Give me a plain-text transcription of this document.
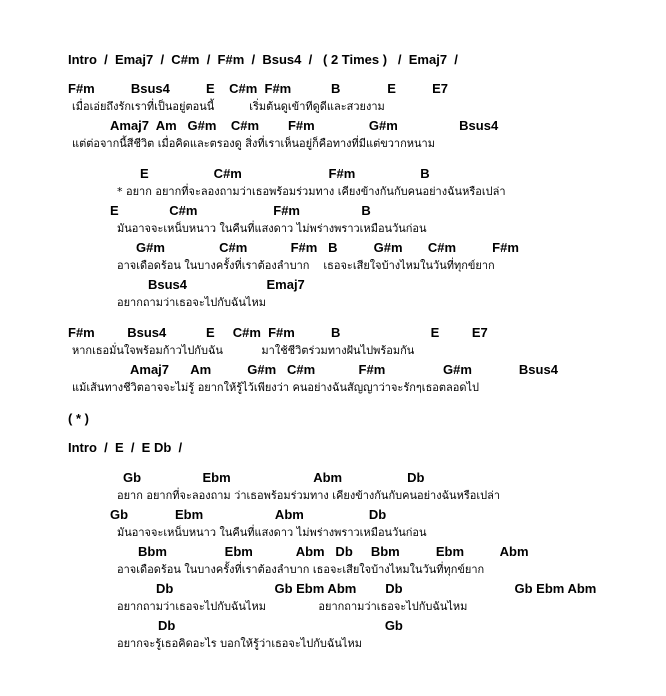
Intro  /  Emaj7  /  C#m  /  F#m  /  Bsus4  /   ( 2 Times )   /  Emaj7  /
F#m          Bsus4          E    C#m  F#m           B             E          E7
เมื่อเอ่ยถึงรักเราที่เป็นอยู่ตอนนี้          เริ่มต้นดูเข้าทีดูดีและสวยงาม
Amaj7  Am   G#m    C#m        F#m               G#m                 Bsus4
แต่ต่อจากนี้สีชีวิต เมื่อคิดและตรองดู สิ่งที่เราเห็นอยู่ก็คือทางที่มีแต่ขวากหนาม
E                  C#m                        F#m                  B
* อยาก อยากที่จะลองถามว่าเธอพร้อมร่วมทาง เคียงข้างกันกับคนอย่างฉันหรือเปล่า
E              C#m                     F#m                 B
มันอาจจะเหน็บหนาว ในคืนที่แสงดาว ไม่พร่างพราวเหมือนวันก่อน
G#m               C#m            F#m   B          G#m       C#m          F#m
อาจเดือดร้อน ในบางครั้งที่เราต้องลำบาก    เธอจะเสียใจบ้างไหมในวันที่ทุกข์ยาก
Bsus4                      Emaj7
อยากถามว่าเธอจะไปกับฉันไหม
F#m         Bsus4           E     C#m  F#m          B                         E         E7
หากเธอมั่นใจพร้อมก้าวไปกับฉัน           มาใช้ชีวิตร่วมทางฝันไปพร้อมกัน
Amaj7      Am          G#m   C#m            F#m                G#m             Bsus4
แม้เส้นทางชีวิตอาจจะไม่รู้ อยากให้รู้ไว้เพียงว่า คนอย่างฉันสัญญาว่าจะรักๆเธอตลอดไป
( * )
Intro  /  E  /  E Db  /
Gb                 Ebm                       Abm                  Db
อยาก อยากที่จะลองถาม ว่าเธอพร้อมร่วมทาง เคียงข้างกันกับคนอย่างฉันหรือเปล่า
Gb             Ebm                    Abm                  Db
มันอาจจะเหน็บหนาว ในคืนที่แสงดาว ไม่พร่างพราวเหมือนวันก่อน
Bbm                Ebm            Abm   Db     Bbm          Ebm          Abm
อาจเดือดร้อน ในบางครั้งที่เราต้องลำบาก เธอจะเสียใจบ้างไหมในวันที่ทุกข์ยาก
Db                            Gb Ebm Abm        Db                               Gb Ebm Abm
อยากถามว่าเธอจะไปกับฉันไหม               อยากถามว่าเธอจะไปกับฉันไหม
Db                                                          Gb
อยากจะรู้เธอคิดอะไร บอกให้รู้ว่าเธอจะไปกับฉันไหม
